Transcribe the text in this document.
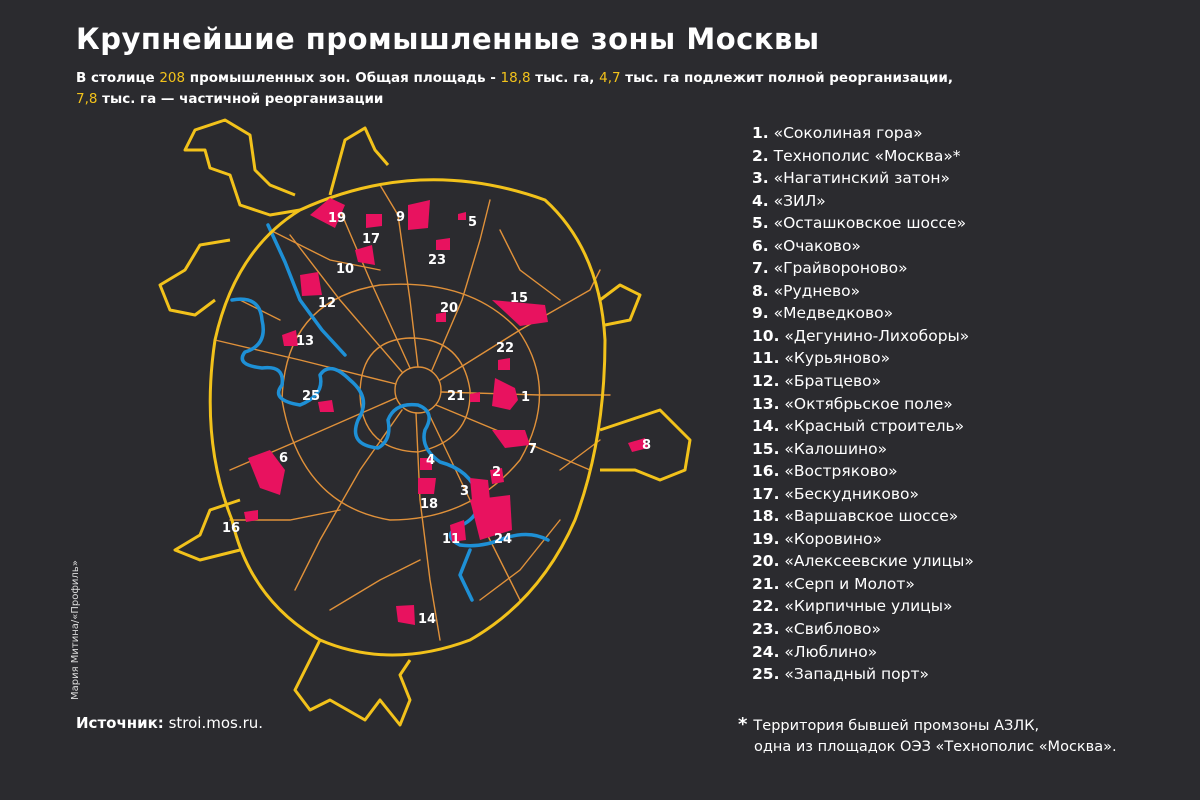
Крупнейшие промышленные зоны Москвы
В столице 208 промышленных зон. Общая площадь - 18,8 тыс. га, 4,7 тыс. га подлежит полной реорганизации,
7,8 тыс. га — частичной реорганизации
1
2
3
4
5
6
7	8
9
10
11
12
13
14
15
16
17
18
19
20
21
22
23
24
25
1. «Соколиная гора»
2. Технополис «Москва»*
3. «Нагатинский затон»
4. «ЗИЛ»
5. «Осташковское шоссе»
6. «Очаково»
7. «Грайвороново»
8. «Руднево»
9. «Медведково»
10. «Дегунино-Лихоборы»
11. «Курьяново»
12. «Братцево»
13. «Октябрьское поле»
14. «Красный строитель»
15. «Калошино»
16. «Востряково»
17. «Бескудниково»
18. «Варшавское шоссе»
19. «Коровино»
20. «Алексеевские улицы»
21. «Серп и Молот»
22. «Кирпичные улицы»
23. «Свиблово»
24. «Люблино»
25. «Западный порт»
Источник: stroi.mos.ru.	* Территория бывшей промзоны АЗЛК,
одна из площадок ОЭЗ «Технополис «Москва».
Мария Митина/«Профиль»
